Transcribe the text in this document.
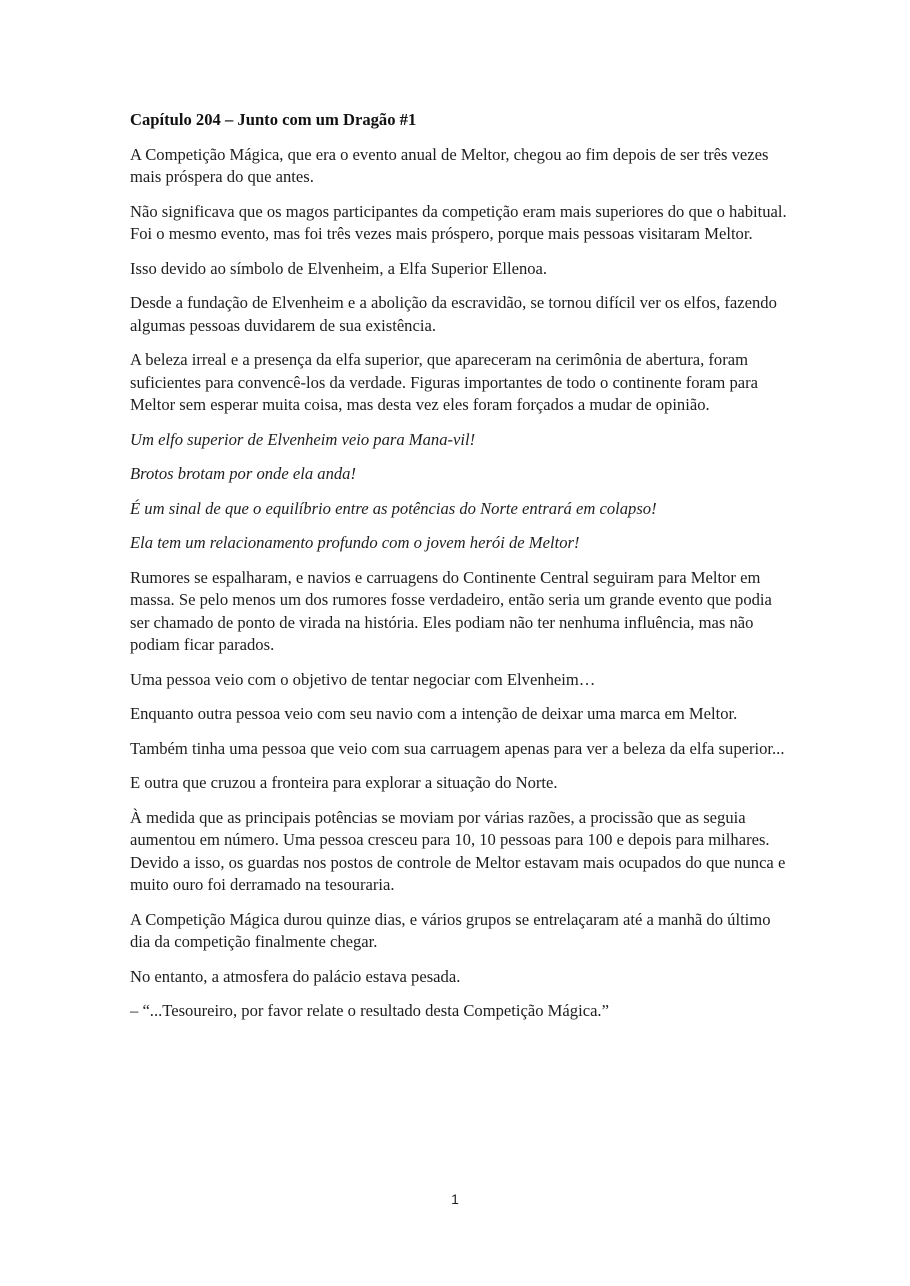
Capítulo 204 – Junto com um Dragão #1

A Competição Mágica, que era o evento anual de Meltor, chegou ao fim depois de ser três vezes mais próspera do que antes.

Não significava que os magos participantes da competição eram mais superiores do que o habitual. Foi o mesmo evento, mas foi três vezes mais próspero, porque mais pessoas visitaram Meltor.

Isso devido ao símbolo de Elvenheim, a Elfa Superior Ellenoa.

Desde a fundação de Elvenheim e a abolição da escravidão, se tornou difícil ver os elfos, fazendo algumas pessoas duvidarem de sua existência.

A beleza irreal e a presença da elfa superior, que apareceram na cerimônia de abertura, foram suficientes para convencê-los da verdade. Figuras importantes de todo o continente foram para Meltor sem esperar muita coisa, mas desta vez eles foram forçados a mudar de opinião.

Um elfo superior de Elvenheim veio para Mana-vil!

Brotos brotam por onde ela anda!

É um sinal de que o equilíbrio entre as potências do Norte entrará em colapso!

Ela tem um relacionamento profundo com o jovem herói de Meltor!

Rumores se espalharam, e navios e carruagens do Continente Central seguiram para Meltor em massa. Se pelo menos um dos rumores fosse verdadeiro, então seria um grande evento que podia ser chamado de ponto de virada na história. Eles podiam não ter nenhuma influência, mas não podiam ficar parados.

Uma pessoa veio com o objetivo de tentar negociar com Elvenheim…

Enquanto outra pessoa veio com seu navio com a intenção de deixar uma marca em Meltor.

Também tinha uma pessoa que veio com sua carruagem apenas para ver a beleza da elfa superior...

E outra que cruzou a fronteira para explorar a situação do Norte.

À medida que as principais potências se moviam por várias razões, a procissão que as seguia aumentou em número. Uma pessoa cresceu para 10, 10 pessoas para 100 e depois para milhares. Devido a isso, os guardas nos postos de controle de Meltor estavam mais ocupados do que nunca e muito ouro foi derramado na tesouraria.

A Competição Mágica durou quinze dias, e vários grupos se entrelaçaram até a manhã do último dia da competição finalmente chegar.

No entanto, a atmosfera do palácio estava pesada.

– “...Tesoureiro, por favor relate o resultado desta Competição Mágica.”

1
